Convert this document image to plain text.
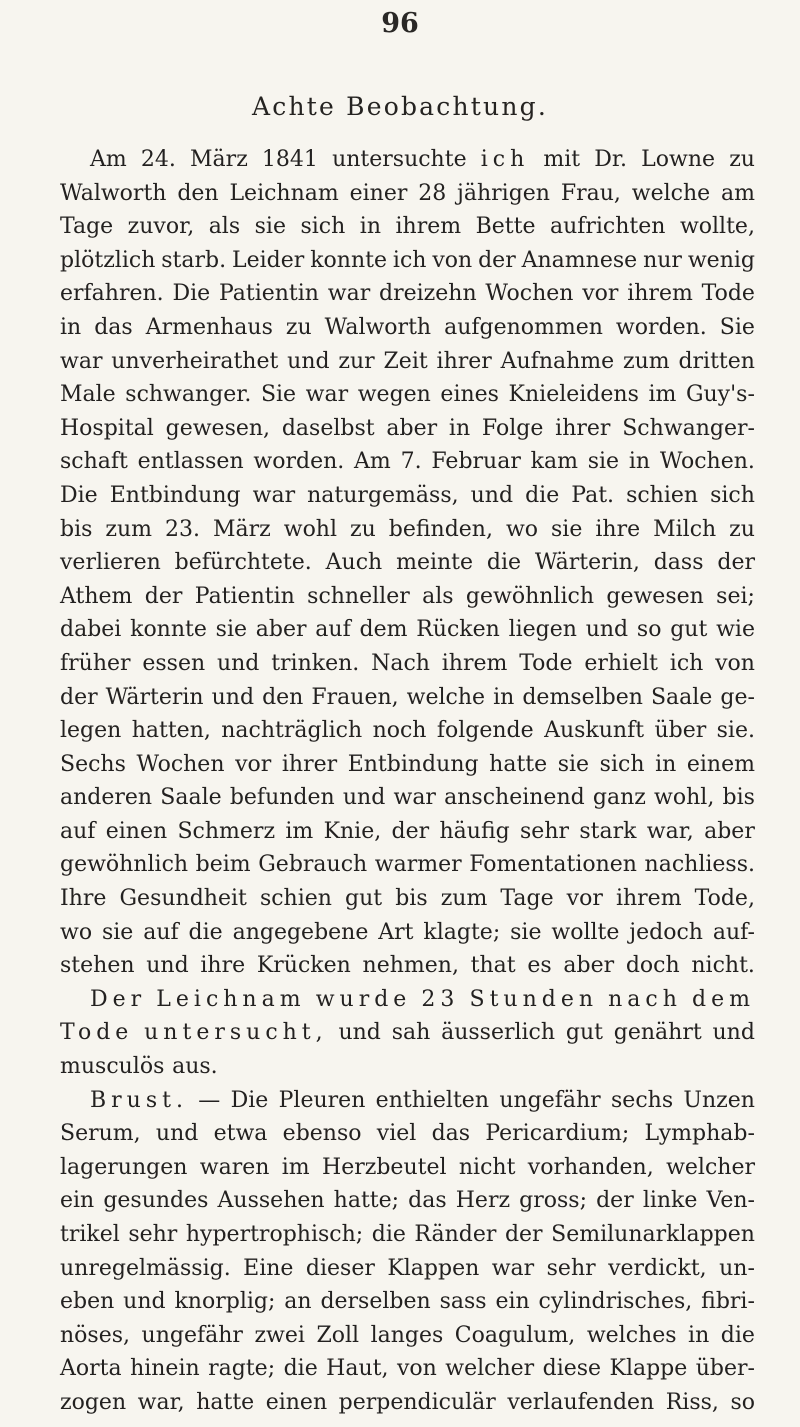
96
Achte Beobachtung.
Am 24. März 1841 untersuchte ich mit Dr. Lowne zu
Walworth den Leichnam einer 28 jährigen Frau, welche am
Tage zuvor, als sie sich in ihrem Bette aufrichten wollte,
plötzlich starb. Leider konnte ich von der Anamnese nur wenig
erfahren. Die Patientin war dreizehn Wochen vor ihrem Tode
in das Armenhaus zu Walworth aufgenommen worden. Sie
war unverheirathet und zur Zeit ihrer Aufnahme zum dritten
Male schwanger. Sie war wegen eines Knieleidens im Guy's-
Hospital gewesen, daselbst aber in Folge ihrer Schwanger-
schaft entlassen worden. Am 7. Februar kam sie in Wochen.
Die Entbindung war naturgemäss, und die Pat. schien sich
bis zum 23. März wohl zu befinden, wo sie ihre Milch zu
verlieren befürchtete. Auch meinte die Wärterin, dass der
Athem der Patientin schneller als gewöhnlich gewesen sei;
dabei konnte sie aber auf dem Rücken liegen und so gut wie
früher essen und trinken. Nach ihrem Tode erhielt ich von
der Wärterin und den Frauen, welche in demselben Saale ge-
legen hatten, nachträglich noch folgende Auskunft über sie.
Sechs Wochen vor ihrer Entbindung hatte sie sich in einem
anderen Saale befunden und war anscheinend ganz wohl, bis
auf einen Schmerz im Knie, der häufig sehr stark war, aber
gewöhnlich beim Gebrauch warmer Fomentationen nachliess.
Ihre Gesundheit schien gut bis zum Tage vor ihrem Tode,
wo sie auf die angegebene Art klagte; sie wollte jedoch auf-
stehen und ihre Krücken nehmen, that es aber doch nicht.
Der Leichnam wurde 23 Stunden nach dem
Tode untersucht, und sah äusserlich gut genährt und
musculös aus.
Brust. — Die Pleuren enthielten ungefähr sechs Unzen
Serum, und etwa ebenso viel das Pericardium; Lymphab-
lagerungen waren im Herzbeutel nicht vorhanden, welcher
ein gesundes Aussehen hatte; das Herz gross; der linke Ven-
trikel sehr hypertrophisch; die Ränder der Semilunarklappen
unregelmässig. Eine dieser Klappen war sehr verdickt, un-
eben und knorplig; an derselben sass ein cylindrisches, fibri-
nöses, ungefähr zwei Zoll langes Coagulum, welches in die
Aorta hinein ragte; die Haut, von welcher diese Klappe über-
zogen war, hatte einen perpendiculär verlaufenden Riss, so
